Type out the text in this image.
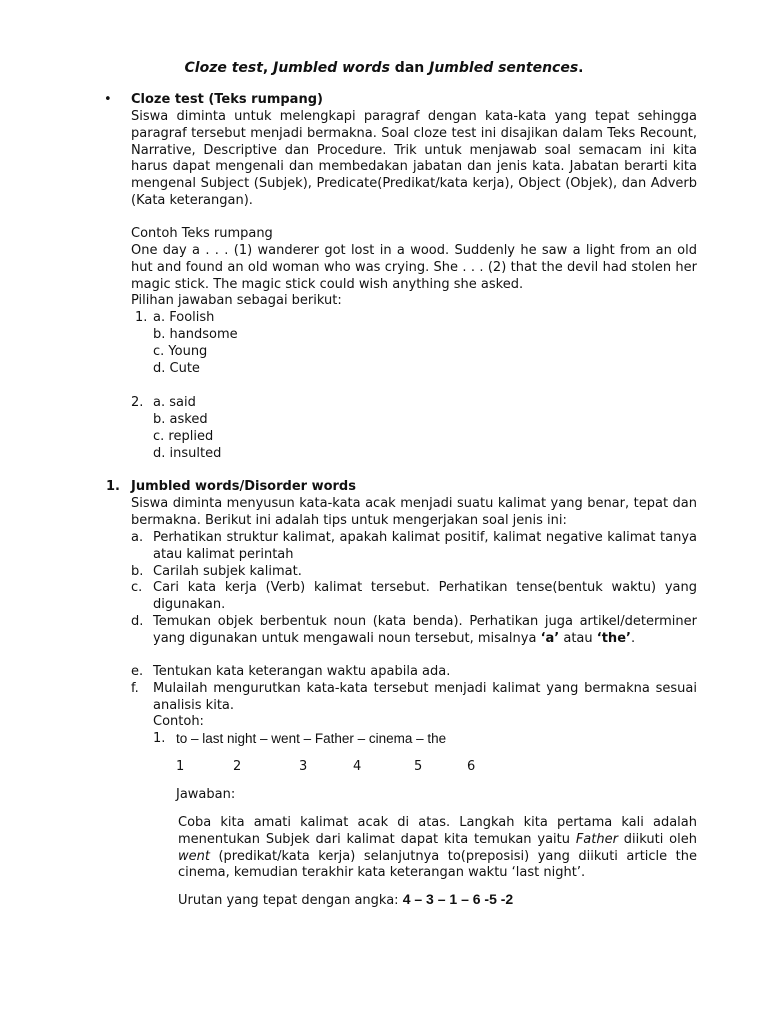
Cloze test, Jumbled words dan Jumbled sentences.
• Cloze test (Teks rumpang)
Siswa diminta untuk melengkapi paragraf dengan kata-kata yang tepat sehingga paragraf tersebut menjadi bermakna. Soal cloze test ini disajikan dalam Teks Recount, Narrative, Descriptive dan Procedure. Trik untuk menjawab soal semacam ini kita harus dapat mengenali dan membedakan jabatan dan jenis kata. Jabatan berarti kita mengenal Subject (Subjek), Predicate(Predikat/kata kerja), Object (Objek), dan Adverb (Kata keterangan).
Contoh Teks rumpang
One day a . . . (1) wanderer got lost in a wood. Suddenly he saw a light from an old hut and found an old woman who was crying. She . . . (2) that the devil had stolen her magic stick. The magic stick could wish anything she asked.
Pilihan jawaban sebagai berikut:
1. a. Foolish
b. handsome
c. Young
d. Cute
2. a. said
b. asked
c. replied
d. insulted
1. Jumbled words/Disorder words
Siswa diminta menyusun kata-kata acak menjadi suatu kalimat yang benar, tepat dan bermakna. Berikut ini adalah tips untuk mengerjakan soal jenis ini:
a. Perhatikan struktur kalimat, apakah kalimat positif, kalimat negative kalimat tanya atau kalimat perintah
b. Carilah subjek kalimat.
c. Cari kata kerja (Verb) kalimat tersebut. Perhatikan tense(bentuk waktu) yang digunakan.
d. Temukan objek berbentuk noun (kata benda). Perhatikan juga artikel/determiner yang digunakan untuk mengawali noun tersebut, misalnya ‘a’ atau ‘the’.
e. Tentukan kata keterangan waktu apabila ada.
f. Mulailah mengurutkan kata-kata tersebut menjadi kalimat yang bermakna sesuai analisis kita.
Contoh:
1. to – last night – went – Father – cinema – the
1	2	3	4	5	6
Jawaban:
Coba kita amati kalimat acak di atas. Langkah kita pertama kali adalah menentukan Subjek dari kalimat dapat kita temukan yaitu Father diikuti oleh went (predikat/kata kerja) selanjutnya to(preposisi) yang diikuti article the cinema, kemudian terakhir kata keterangan waktu ‘last night’.
Urutan yang tepat dengan angka: 4 – 3 – 1 – 6 -5 -2
